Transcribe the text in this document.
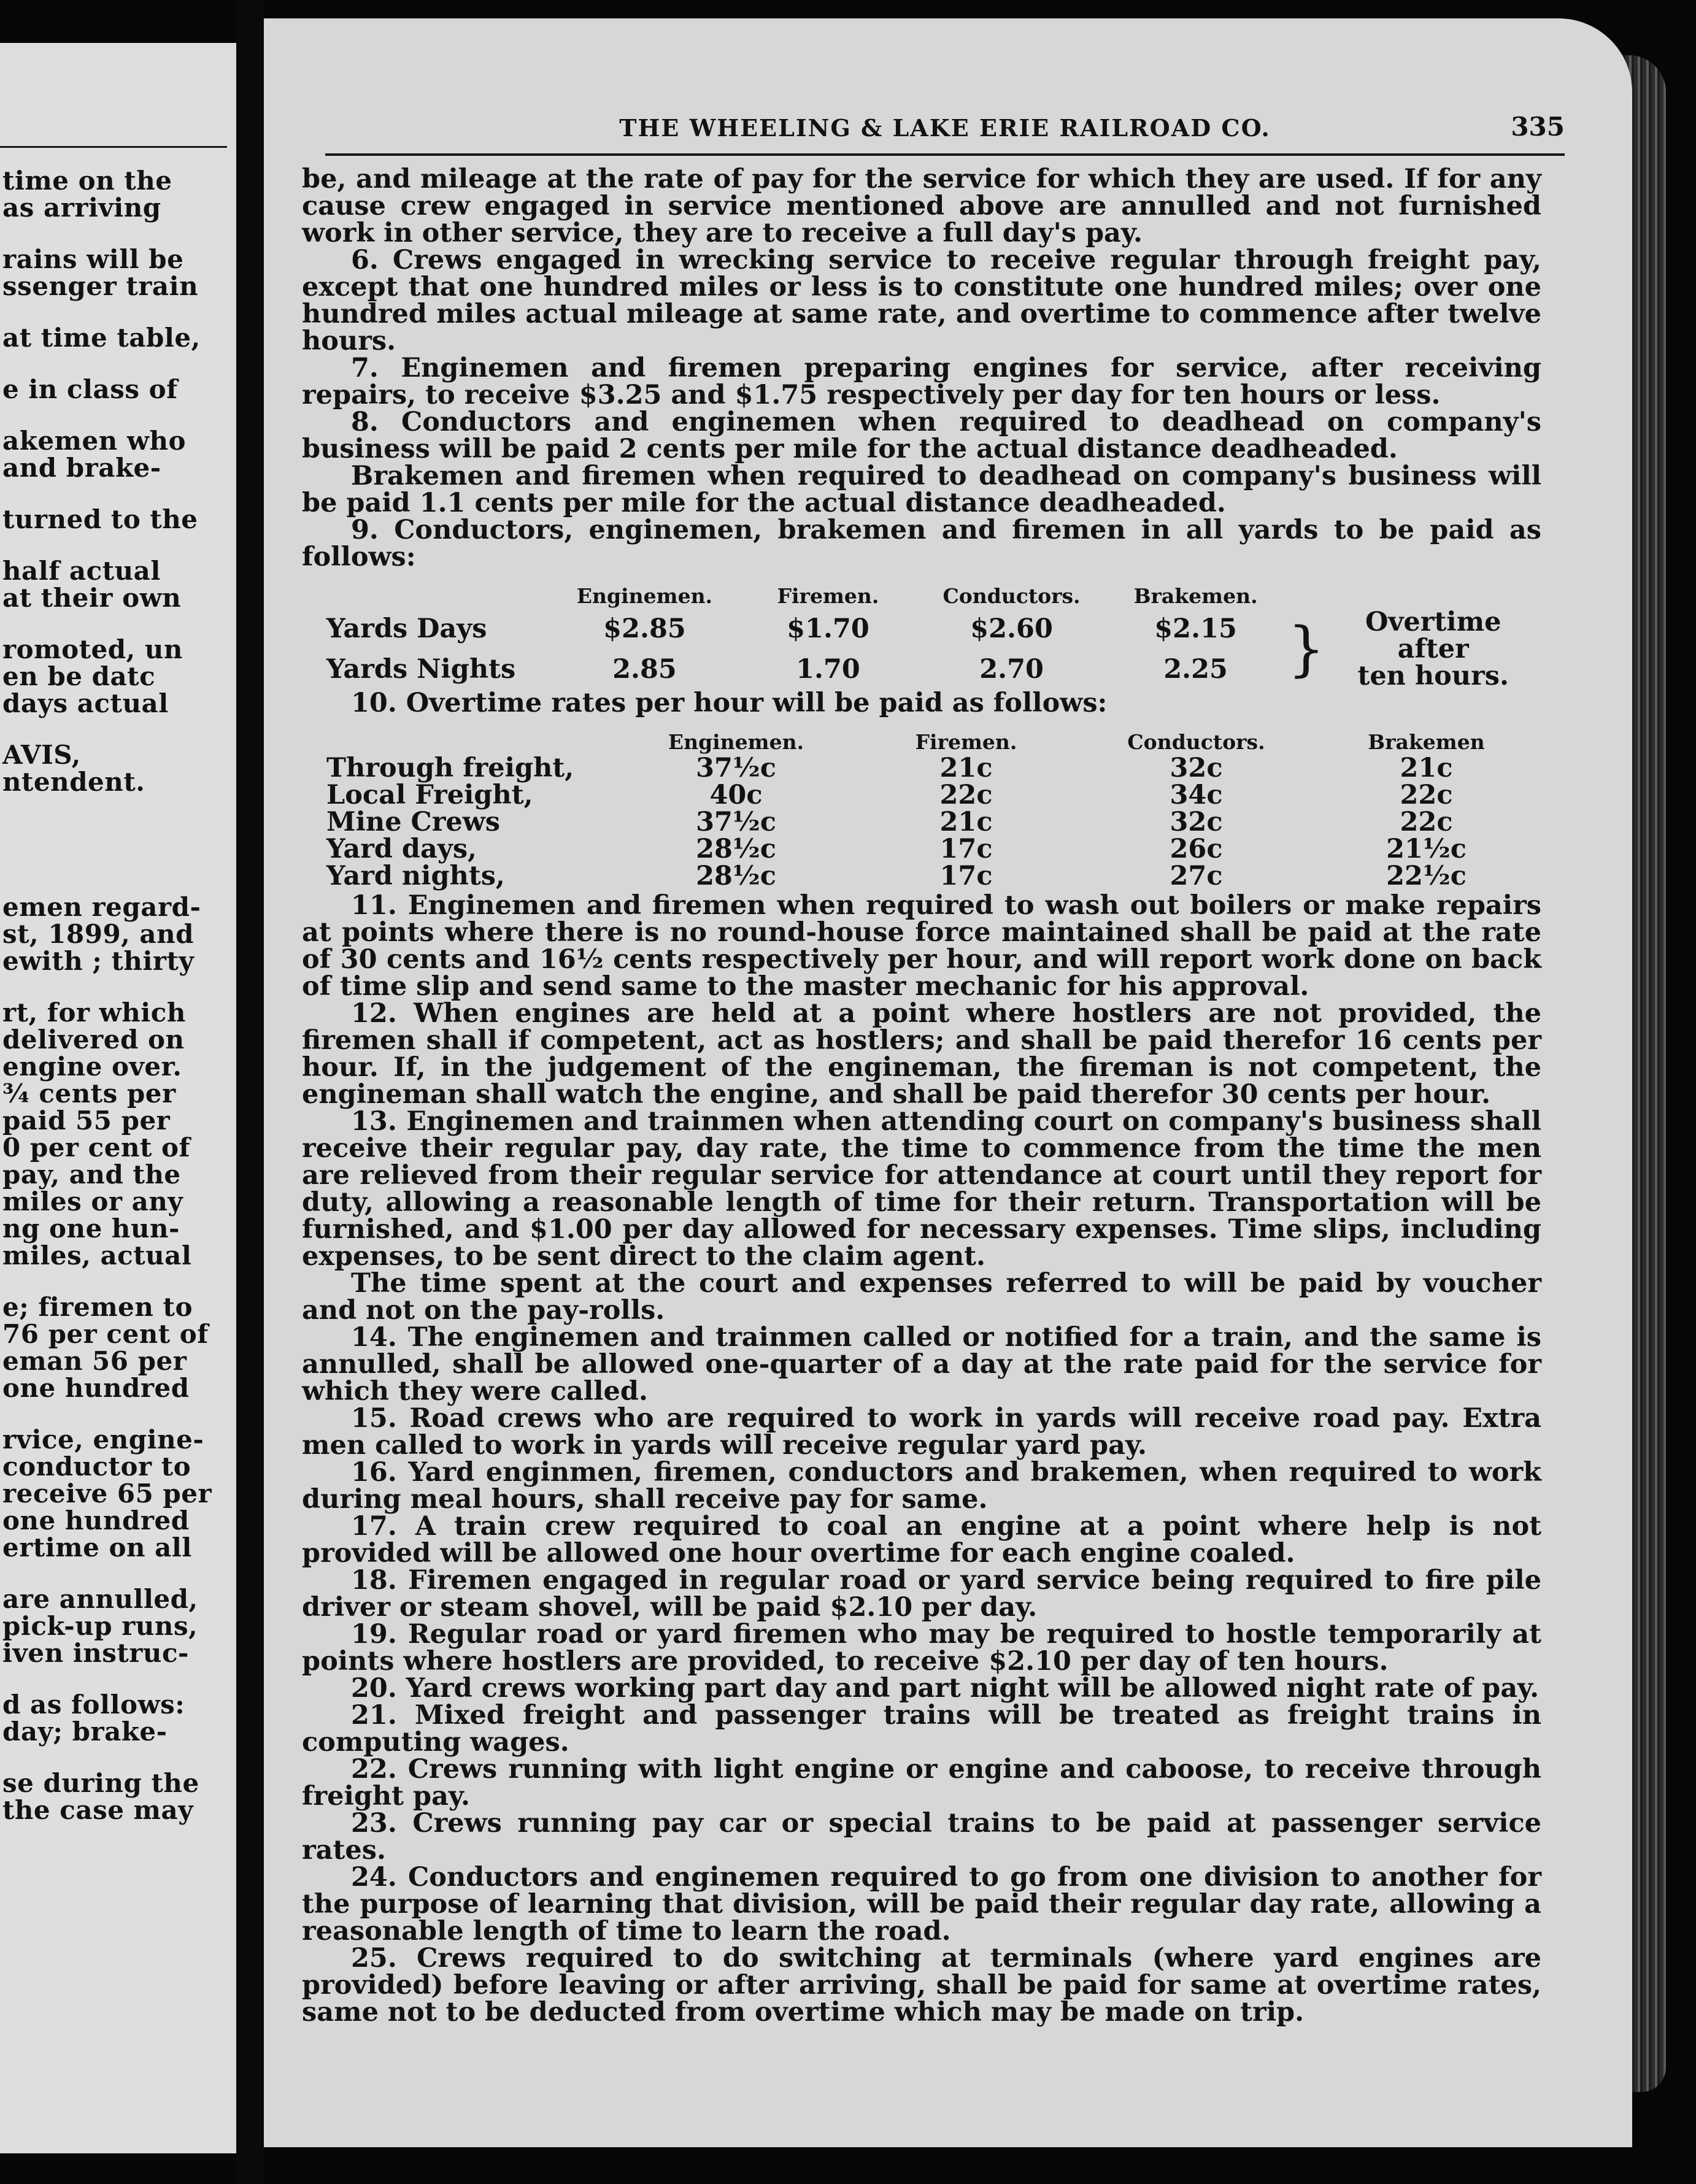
time on the
as arriving
rains will be
ssenger train
at time table,
e in class of
akemen who
and brake-
turned to the
half actual
at their own
romoted, un
en be datc
days actual
AVIS,
ntendent.
emen regard-
st, 1899, and
ewith ; thirty
rt, for which
delivered on
engine over.
¾ cents per
paid 55 per
0 per cent of
pay, and the
miles or any
ng one hun-
miles, actual
e; firemen to
76 per cent of
eman 56 per
one hundred
rvice, engine-
conductor to
receive 65 per
one hundred
ertime on all
are annulled,
pick-up runs,
iven instruc-
d as follows:
day; brake-
se during the
the case may
THE WHEELING & LAKE ERIE RAILROAD CO.	335

be, and mileage at the rate of pay for the service for which they are used. If for any cause crew engaged in service mentioned above are annulled and not furnished work in other service, they are to receive a full day's pay.

6. Crews engaged in wrecking service to receive regular through freight pay, except that one hundred miles or less is to constitute one hundred miles; over one hundred miles actual mileage at same rate, and overtime to commence after twelve hours.

7. Enginemen and firemen preparing engines for service, after receiving repairs, to receive $3.25 and $1.75 respectively per day for ten hours or less.

8. Conductors and enginemen when required to deadhead on company's business will be paid 2 cents per mile for the actual distance deadheaded.

Brakemen and firemen when required to deadhead on company's business will be paid 1.1 cents per mile for the actual distance deadheaded.

9. Conductors, enginemen, brakemen and firemen in all yards to be paid as follows:

	Enginemen.	Firemen.	Conductors.	Brakemen.		
Yards Days	$2.85	$1.70	$2.60	$2.15	}	Overtime after
ten hours.
Yards Nights	2.85	1.70	2.70	2.25		

10. Overtime rates per hour will be paid as follows:

	Enginemen.	Firemen.	Conductors.	Brakemen
Through freight,	37½c	21c	32c	21c
Local Freight,	40c	22c	34c	22c
Mine Crews	37½c	21c	32c	22c
Yard days,	28½c	17c	26c	21½c
Yard nights,	28½c	17c	27c	22½c

11. Enginemen and firemen when required to wash out boilers or make repairs at points where there is no round-house force maintained shall be paid at the rate of 30 cents and 16½ cents respectively per hour, and will report work done on back of time slip and send same to the master mechanic for his approval.

12. When engines are held at a point where hostlers are not provided, the firemen shall if competent, act as hostlers; and shall be paid therefor 16 cents per hour. If, in the judgement of the engineman, the fireman is not competent, the engineman shall watch the engine, and shall be paid therefor 30 cents per hour.

13. Enginemen and trainmen when attending court on company's business shall receive their regular pay, day rate, the time to commence from the time the men are relieved from their regular service for attendance at court until they report for duty, allowing a reasonable length of time for their return. Transportation will be furnished, and $1.00 per day allowed for necessary expenses. Time slips, including expenses, to be sent direct to the claim agent.

The time spent at the court and expenses referred to will be paid by voucher and not on the pay-rolls.

14. The enginemen and trainmen called or notified for a train, and the same is annulled, shall be allowed one-quarter of a day at the rate paid for the service for which they were called.

15. Road crews who are required to work in yards will receive road pay. Extra men called to work in yards will receive regular yard pay.

16. Yard enginmen, firemen, conductors and brakemen, when required to work during meal hours, shall receive pay for same.

17. A train crew required to coal an engine at a point where help is not provided will be allowed one hour overtime for each engine coaled.

18. Firemen engaged in regular road or yard service being required to fire pile driver or steam shovel, will be paid $2.10 per day.

19. Regular road or yard firemen who may be required to hostle temporarily at points where hostlers are provided, to receive $2.10 per day of ten hours.

20. Yard crews working part day and part night will be allowed night rate of pay.

21. Mixed freight and passenger trains will be treated as freight trains in computing wages.

22. Crews running with light engine or engine and caboose, to receive through freight pay.

23. Crews running pay car or special trains to be paid at passenger service rates.

24. Conductors and enginemen required to go from one division to another for the purpose of learning that division, will be paid their regular day rate, allowing a reasonable length of time to learn the road.

25. Crews required to do switching at terminals (where yard engines are provided) before leaving or after arriving, shall be paid for same at overtime rates, same not to be deducted from overtime which may be made on trip.
